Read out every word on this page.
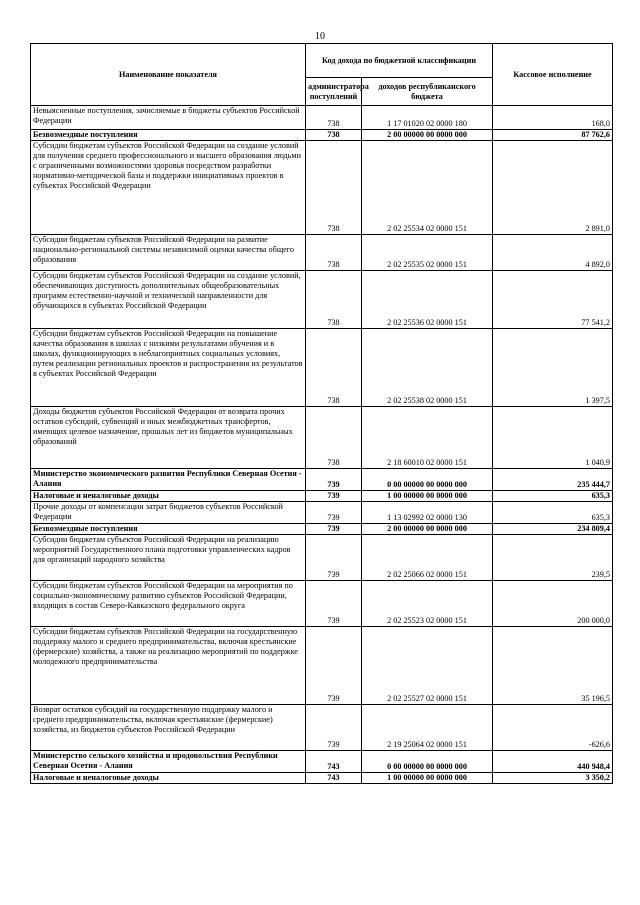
10
Наименование показателя	Код дохода по бюджетной классификации		Кассовое исполнение
	администратора поступлений	доходов республиканского бюджета	
Невыясненные поступления, зачисляемые в бюджеты субъектов Российской Федерации	738	1 17 01020 02 0000 180	168,0
Безвозмездные поступления	738	2 00 00000 00 0000 000	87 762,6
Субсидии бюджетам субъектов Российской Федерации на создание условий для получения среднего профессионального и высшего образования людьми с ограниченными возможностями здоровья посредством разработки нормативно-методической базы и поддержки инициативных проектов в субъектах Российской Федерации	738	2 02 25534 02 0000 151	2 891,0
Субсидии бюджетам субъектов Российской Федерации на развитие национально-региональной системы независимой оценки качества общего образования	738	2 02 25535 02 0000 151	4 892,0
Субсидии бюджетам субъектов Российской Федерации на создание условий, обеспечивающих доступность дополнительных общеобразовательных программ естественно-научной и технической направленности для обучающихся в субъектах Российской Федерации	738	2 02 25536 02 0000 151	77 541,2
Субсидии бюджетам субъектов Российской Федерации на повышение качества образования в школах с низкими результатами обучения и в школах, функционирующих в неблагоприятных социальных условиях, путем реализации региональных проектов и распространения их результатов в субъектах Российской Федерации	738	2 02 25538 02 0000 151	1 397,5
Доходы бюджетов субъектов Российской Федерации от возврата прочих остатков субсидий, субвенций и иных межбюджетных трансфертов, имеющих целевое назначение, прошлых лет из бюджетов муниципальных образований	738	2 18 60010 02 0000 151	1 040,9
Министерство экономического развития Республики Северная Осетия - Алания	739	0 00 00000 00 0000 000	235 444,7
Налоговые и неналоговые доходы	739	1 00 00000 00 0000 000	635,3
Прочие доходы от компенсации затрат бюджетов субъектов Российской Федерации	739	1 13 02992 02 0000 130	635,3
Безвозмездные поступления	739	2 00 00000 00 0000 000	234 809,4
Субсидии бюджетам субъектов Российской Федерации на реализацию мероприятий Государственного плана подготовки управленческих кадров для организаций народного хозяйства	739	2 02 25066 02 0000 151	239,5
Субсидии бюджетам субъектов Российской Федерации на мероприятия по социально-экономическому развитию субъектов Российской Федерации, входящих в состав Северо-Кавказского федерального округа	739	2 02 25523 02 0000 151	200 000,0
Субсидии бюджетам субъектов Российской Федерации на государственную поддержку малого и среднего предпринимательства, включая крестьянские (фермерские) хозяйства, а также на реализацию мероприятий по поддержке молодежного предпринимательства	739	2 02 25527 02 0000 151	35 196,5
Возврат остатков субсидий на государственную поддержку малого и среднего предпринимательства, включая крестьянские (фермерские) хозяйства, из бюджетов субъектов Российской Федерации	739	2 19 25064 02 0000 151	-626,6
Министерство сельского хозяйства и продовольствия Республики Северная Осетия - Алания	743	0 00 00000 00 0000 000	440 948,4
Налоговые и неналоговые доходы	743	1 00 00000 00 0000 000	3 350,2
